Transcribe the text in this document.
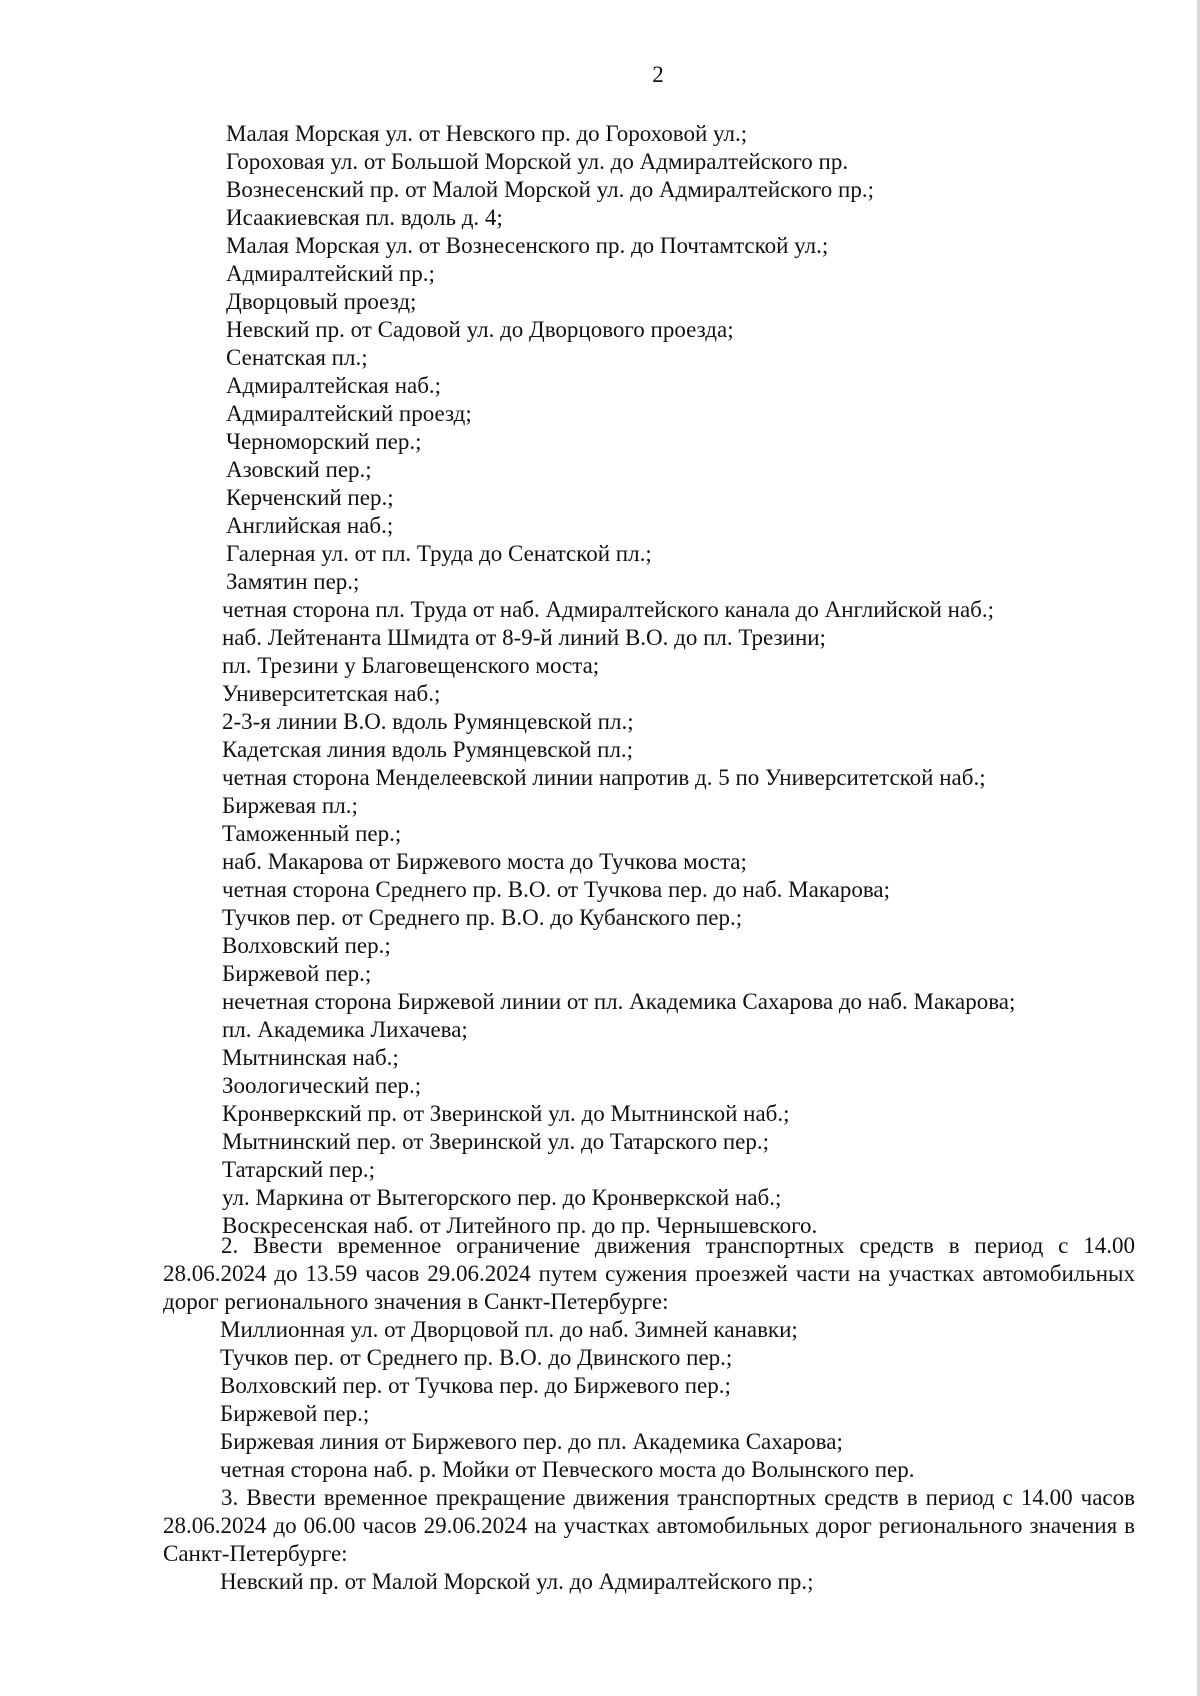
2
Малая Морская ул. от Невского пр. до Гороховой ул.;
Гороховая ул. от Большой Морской ул. до Адмиралтейского пр.
Вознесенский пр. от Малой Морской ул. до Адмиралтейского пр.;
Исаакиевская пл. вдоль д. 4;
Малая Морская ул. от Вознесенского пр. до Почтамтской ул.;
Адмиралтейский пр.;
Дворцовый проезд;
Невский пр. от Садовой ул. до Дворцового проезда;
Сенатская пл.;
Адмиралтейская наб.;
Адмиралтейский проезд;
Черноморский пер.;
Азовский пер.;
Керченский пер.;
Английская наб.;
Галерная ул. от пл. Труда до Сенатской пл.;
Замятин пер.;
четная сторона пл. Труда от наб. Адмиралтейского канала до Английской наб.;
наб. Лейтенанта Шмидта от 8-9-й линий В.О. до пл. Трезини;
пл. Трезини у Благовещенского моста;
Университетская наб.;
2-3-я линии В.О. вдоль Румянцевской пл.;
Кадетская линия вдоль Румянцевской пл.;
четная сторона Менделеевской линии напротив д. 5 по Университетской наб.;
Биржевая пл.;
Таможенный пер.;
наб. Макарова от Биржевого моста до Тучкова моста;
четная сторона Среднего пр. В.О. от Тучкова пер. до наб. Макарова;
Тучков пер. от Среднего пр. В.О. до Кубанского пер.;
Волховский пер.;
Биржевой пер.;
нечетная сторона Биржевой линии от пл. Академика Сахарова до наб. Макарова;
пл. Академика Лихачева;
Мытнинская наб.;
Зоологический пер.;
Кронверкский пр. от Зверинской ул. до Мытнинской наб.;
Мытнинский пер. от Зверинской ул. до Татарского пер.;
Татарский пер.;
ул. Маркина от Вытегорского пер. до Кронверкской наб.;
Воскресенская наб. от Литейного пр. до пр. Чернышевского.
2. Ввести временное ограничение движения транспортных средств в период с 14.00 28.06.2024 до 13.59 часов 29.06.2024 путем сужения проезжей части на участках автомобильных дорог регионального значения в Санкт-Петербурге:
Миллионная ул. от Дворцовой пл. до наб. Зимней канавки;
Тучков пер. от Среднего пр. В.О. до Двинского пер.;
Волховский пер. от Тучкова пер. до Биржевого пер.;
Биржевой пер.;
Биржевая линия от Биржевого пер. до пл. Академика Сахарова;
четная сторона наб. р. Мойки от Певческого моста до Волынского пер.
3. Ввести временное прекращение движения транспортных средств в период с 14.00 часов 28.06.2024 до 06.00 часов 29.06.2024 на участках автомобильных дорог регионального значения в Санкт-Петербурге:
Невский пр. от Малой Морской ул. до Адмиралтейского пр.;
